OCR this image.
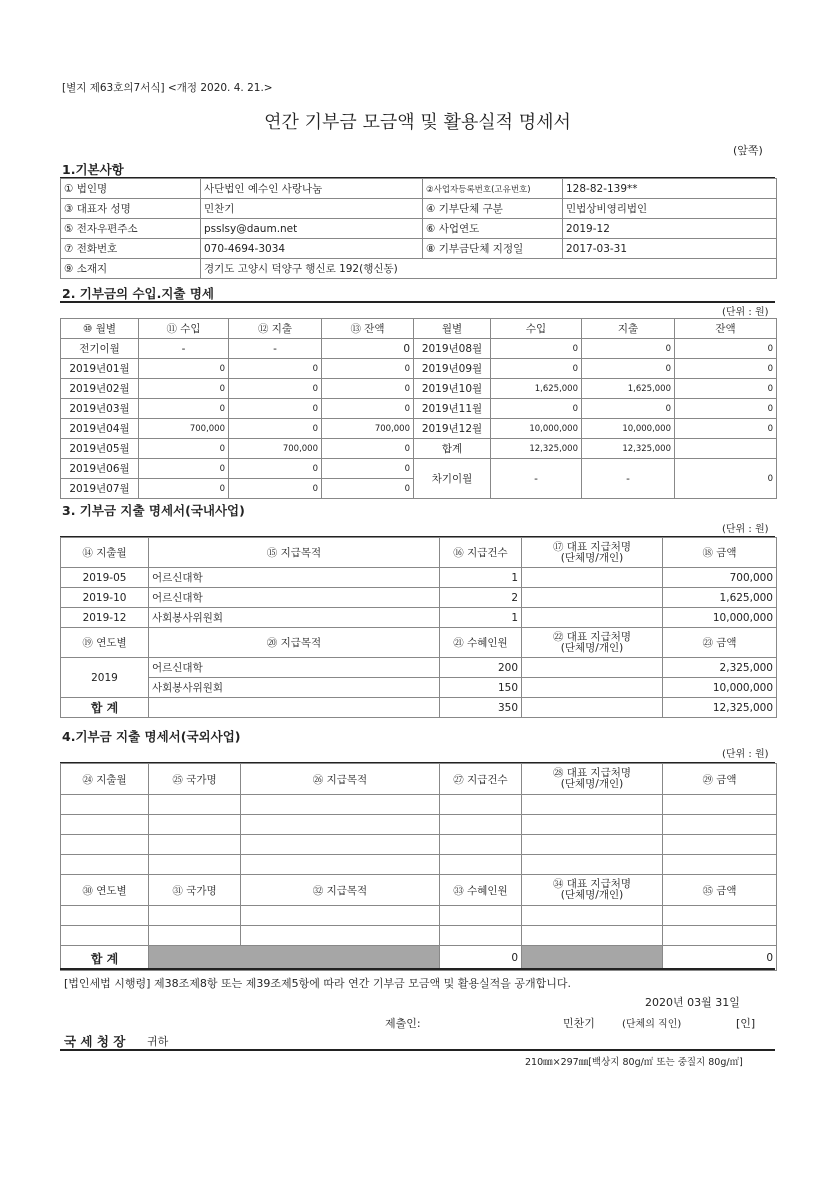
[별지 제63호의7서식] <개정 2020. 4. 21.>
연간 기부금 모금액 및 활용실적 명세서
(앞쪽)
1.기본사항
① 법인명	사단법인 예수인 사랑나눔	②사업자등록번호(고유번호)	128-82-139**
③ 대표자 성명	민찬기	④ 기부단체 구분	민법상비영리법인
⑤ 전자우편주소	psslsy@daum.net	⑥ 사업연도	2019-12
⑦ 전화번호	070-4694-3034	⑧ 기부금단체 지정일	2017-03-31
⑨ 소재지	경기도 고양시 덕양구 행신로 192(행신동)		
2. 기부금의 수입.지출 명세
(단위 : 원)
⑩ 월별	⑪ 수입	⑫ 지출	⑬ 잔액	월별	수입	지출	잔액
전기이월	-	-	0	2019년08월	0	0	0
2019년01월	0	0	0	2019년09월	0	0	0
2019년02월	0	0	0	2019년10월	1,625,000	1,625,000	0
2019년03월	0	0	0	2019년11월	0	0	0
2019년04월	700,000	0	700,000	2019년12월	10,000,000	10,000,000	0
2019년05월	0	700,000	0	합계	12,325,000	12,325,000	
2019년06월	0	0	0	차기이월	-	-	0
2019년07월	0	0	0				
3. 기부금 지출 명세서(국내사업)
(단위 : 원)
⑭ 지출월	⑮ 지급목적	⑯ 지급건수	⑰ 대표 지급처명
(단체명/개인)	⑱ 금액
2019-05	어르신대학	1		700,000
2019-10	어르신대학	2		1,625,000
2019-12	사회봉사위원회	1		10,000,000
⑲ 연도별	⑳ 지급목적	㉑ 수혜인원	㉒ 대표 지급처명
(단체명/개인)	㉓ 금액
2019	어르신대학	200		2,325,000
	사회봉사위원회	150		10,000,000
합 계		350		12,325,000
4.기부금 지출 명세서(국외사업)
(단위 : 원)
㉔ 지출월	㉕ 국가명	㉖ 지급목적	㉗ 지급건수	㉘ 대표 지급처명
(단체명/개인)	㉙ 금액

㉚ 연도별	㉛ 국가명	㉜ 지급목적	㉝ 수혜인원	㉞ 대표 지급처명
(단체명/개인)	㉟ 금액

합 계			0		0
[법인세법 시행령] 제38조제8항 또는 제39조제5항에 따라 연간 기부금 모금액 및 활용실적을 공개합니다.
2020년 03월 31일
제출인:	민찬기	(단체의 직인)	[인]
국 세 청 장 귀하
210㎜×297㎜[백상지 80g/㎡ 또는 중질지 80g/㎡]
